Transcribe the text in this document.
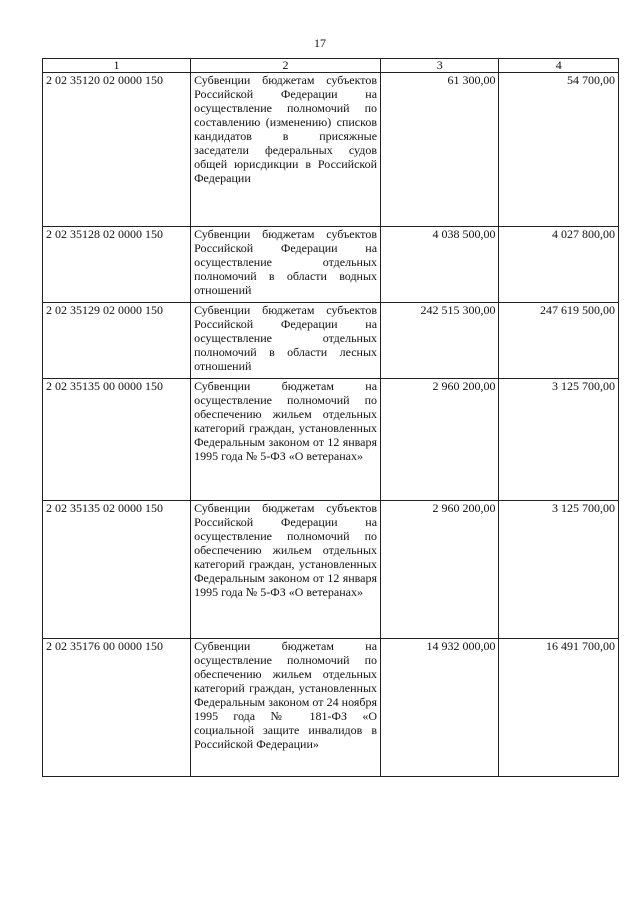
17
1	2	3	4
2 02 35120 02 0000 150	Субвенции бюджетам субъектов Российской Федерации на осуществление полномочий по составлению (изменению) списков кандидатов в присяжные заседатели федеральных судов общей юрисдикции в Российской Федерации	61 300,00	54 700,00
2 02 35128 02 0000 150	Субвенции бюджетам субъектов Российской Федерации на осуществление отдельных полномочий в области водных отношений	4 038 500,00	4 027 800,00
2 02 35129 02 0000 150	Субвенции бюджетам субъектов Российской Федерации на осуществление отдельных полномочий в области лесных отношений	242 515 300,00	247 619 500,00
2 02 35135 00 0000 150	Субвенции бюджетам на осуществление полномочий по обеспечению жильем отдельных категорий граждан, установленных Федеральным законом от 12 января 1995 года № 5-ФЗ «О ветеранах»	2 960 200,00	3 125 700,00
2 02 35135 02 0000 150	Субвенции бюджетам субъектов Российской Федерации на осуществление полномочий по обеспечению жильем отдельных категорий граждан, установленных Федеральным законом от 12 января 1995 года № 5-ФЗ «О ветеранах»	2 960 200,00	3 125 700,00
2 02 35176 00 0000 150	Субвенции бюджетам на осуществление полномочий по обеспечению жильем отдельных категорий граждан, установленных Федеральным законом от 24 ноября 1995 года № 181-ФЗ «О социальной защите инвалидов в Российской Федерации»	14 932 000,00	16 491 700,00
